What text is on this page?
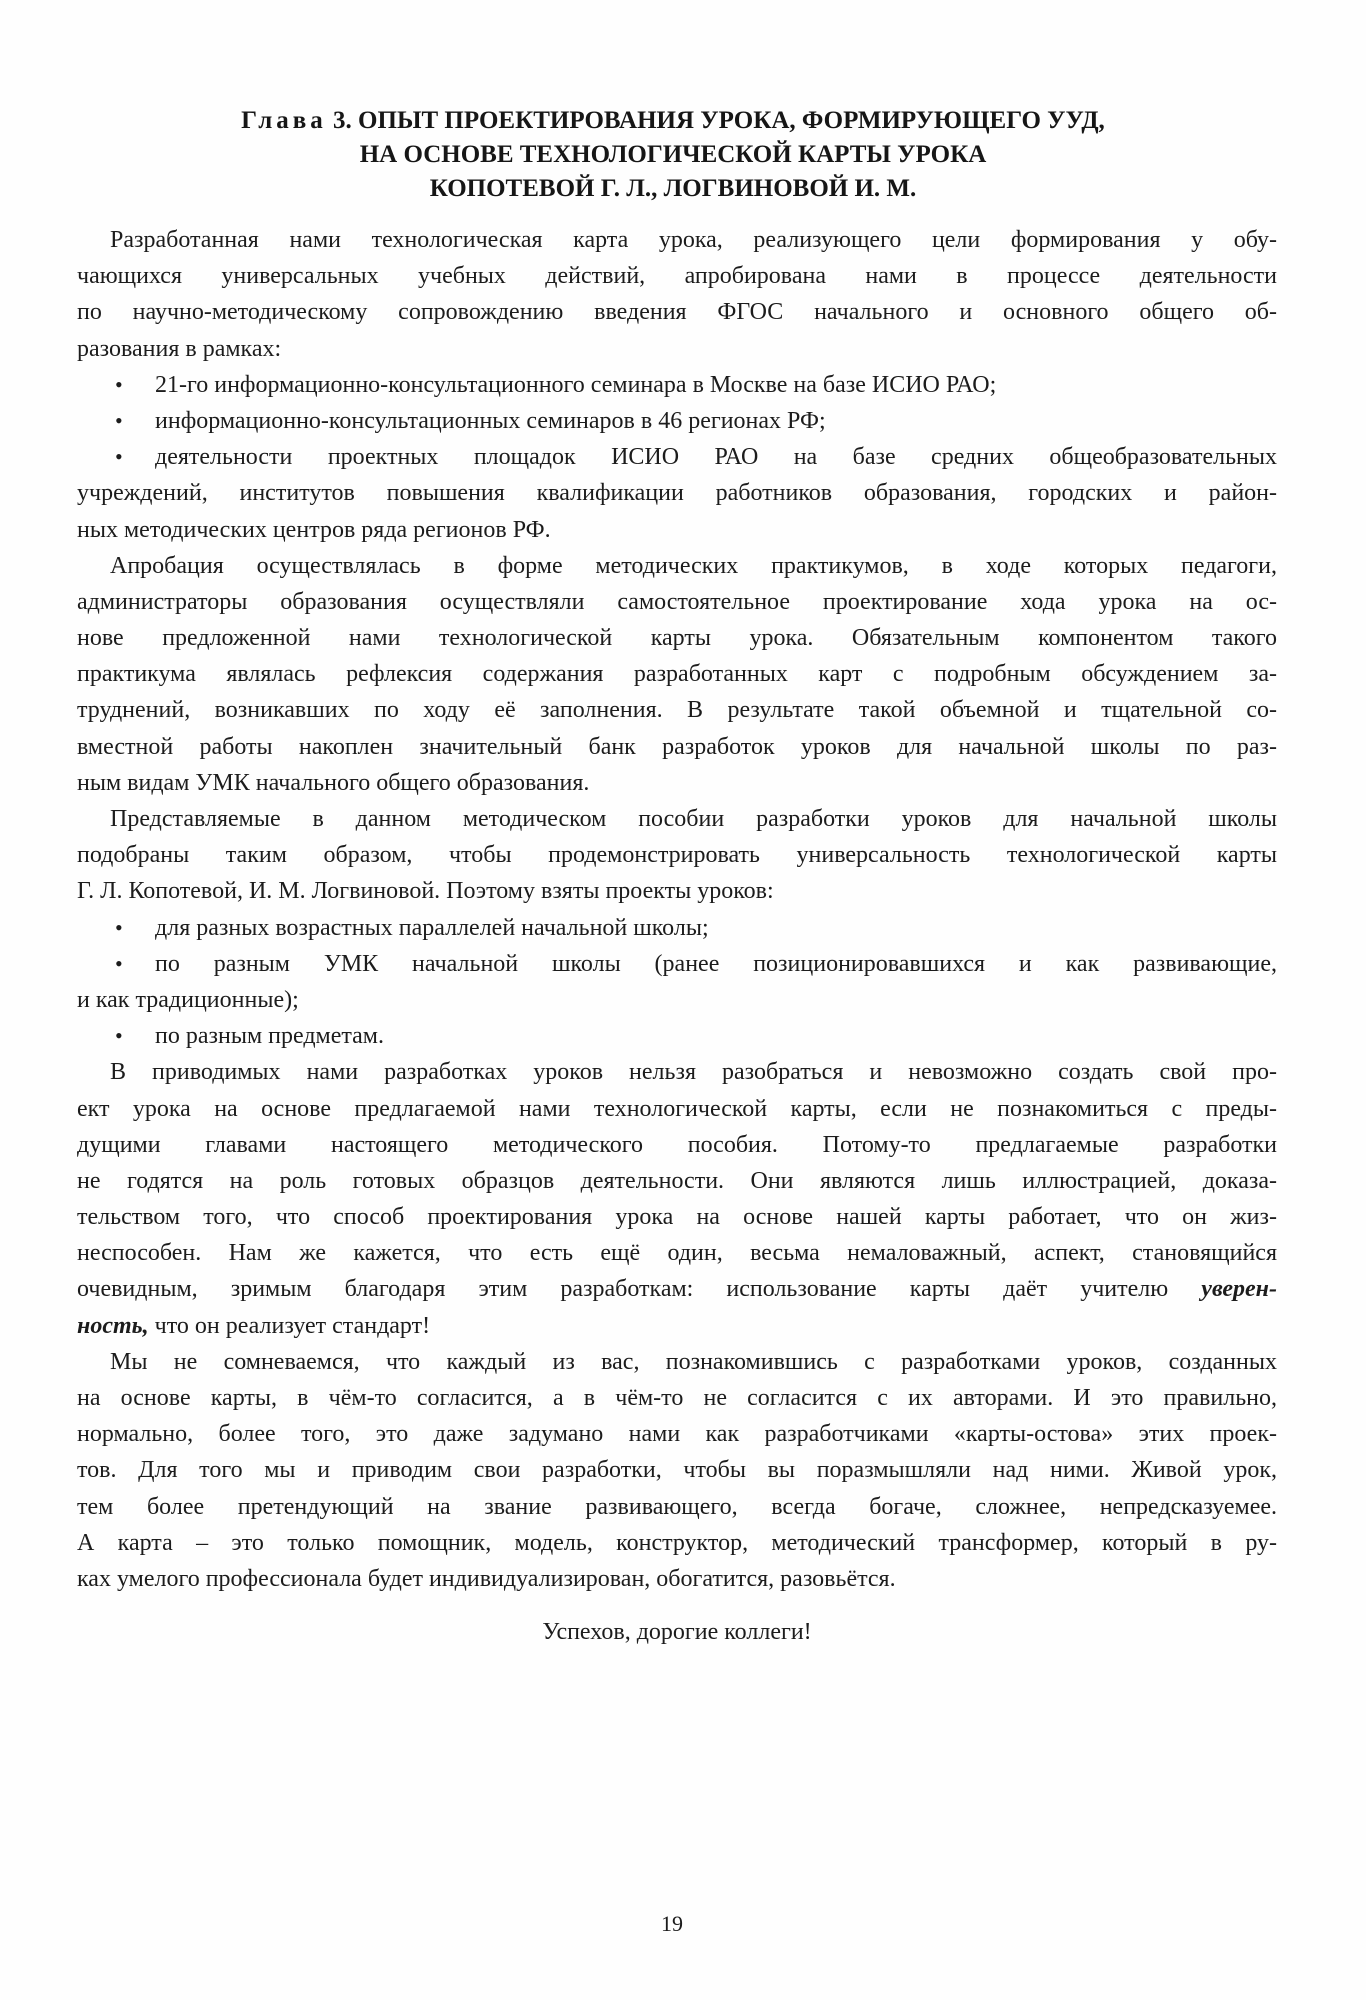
Глава 3. ОПЫТ ПРОЕКТИРОВАНИЯ УРОКА, ФОРМИРУЮЩЕГО УУД,
НА ОСНОВЕ ТЕХНОЛОГИЧЕСКОЙ КАРТЫ УРОКА
КОПОТЕВОЙ Г. Л., ЛОГВИНОВОЙ И. М.
Разработанная нами технологическая карта урока, реализующего цели формирования у обу-
чающихся универсальных учебных действий, апробирована нами в процессе деятельности
по научно-методическому сопровождению введения ФГОС начального и основного общего об-
разования в рамках:
• 21-го информационно-консультационного семинара в Москве на базе ИСИО РАО;
• информационно-консультационных семинаров в 46 регионах РФ;
• деятельности проектных площадок ИСИО РАО на базе средних общеобразовательных
учреждений, институтов повышения квалификации работников образования, городских и район-
ных методических центров ряда регионов РФ.
Апробация осуществлялась в форме методических практикумов, в ходе которых педагоги,
администраторы образования осуществляли самостоятельное проектирование хода урока на ос-
нове предложенной нами технологической карты урока. Обязательным компонентом такого
практикума являлась рефлексия содержания разработанных карт с подробным обсуждением за-
труднений, возникавших по ходу её заполнения. В результате такой объемной и тщательной со-
вместной работы накоплен значительный банк разработок уроков для начальной школы по раз-
ным видам УМК начального общего образования.
Представляемые в данном методическом пособии разработки уроков для начальной школы
подобраны таким образом, чтобы продемонстрировать универсальность технологической карты
Г. Л. Копотевой, И. М. Логвиновой. Поэтому взяты проекты уроков:
• для разных возрастных параллелей начальной школы;
• по разным УМК начальной школы (ранее позиционировавшихся и как развивающие,
и как традиционные);
• по разным предметам.
В приводимых нами разработках уроков нельзя разобраться и невозможно создать свой про-
ект урока на основе предлагаемой нами технологической карты, если не познакомиться с преды-
дущими главами настоящего методического пособия. Потому-то предлагаемые разработки
не годятся на роль готовых образцов деятельности. Они являются лишь иллюстрацией, доказа-
тельством того, что способ проектирования урока на основе нашей карты работает, что он жиз-
неспособен. Нам же кажется, что есть ещё один, весьма немаловажный, аспект, становящийся
очевидным, зримым благодаря этим разработкам: использование карты даёт учителю уверен-
ность, что он реализует стандарт!
Мы не сомневаемся, что каждый из вас, познакомившись с разработками уроков, созданных
на основе карты, в чём-то согласится, а в чём-то не согласится с их авторами. И это правильно,
нормально, более того, это даже задумано нами как разработчиками «карты-остова» этих проек-
тов. Для того мы и приводим свои разработки, чтобы вы поразмышляли над ними. Живой урок,
тем более претендующий на звание развивающего, всегда богаче, сложнее, непредсказуемее.
А карта – это только помощник, модель, конструктор, методический трансформер, который в ру-
ках умелого профессионала будет индивидуализирован, обогатится, разовьётся.
Успехов, дорогие коллеги!
19
